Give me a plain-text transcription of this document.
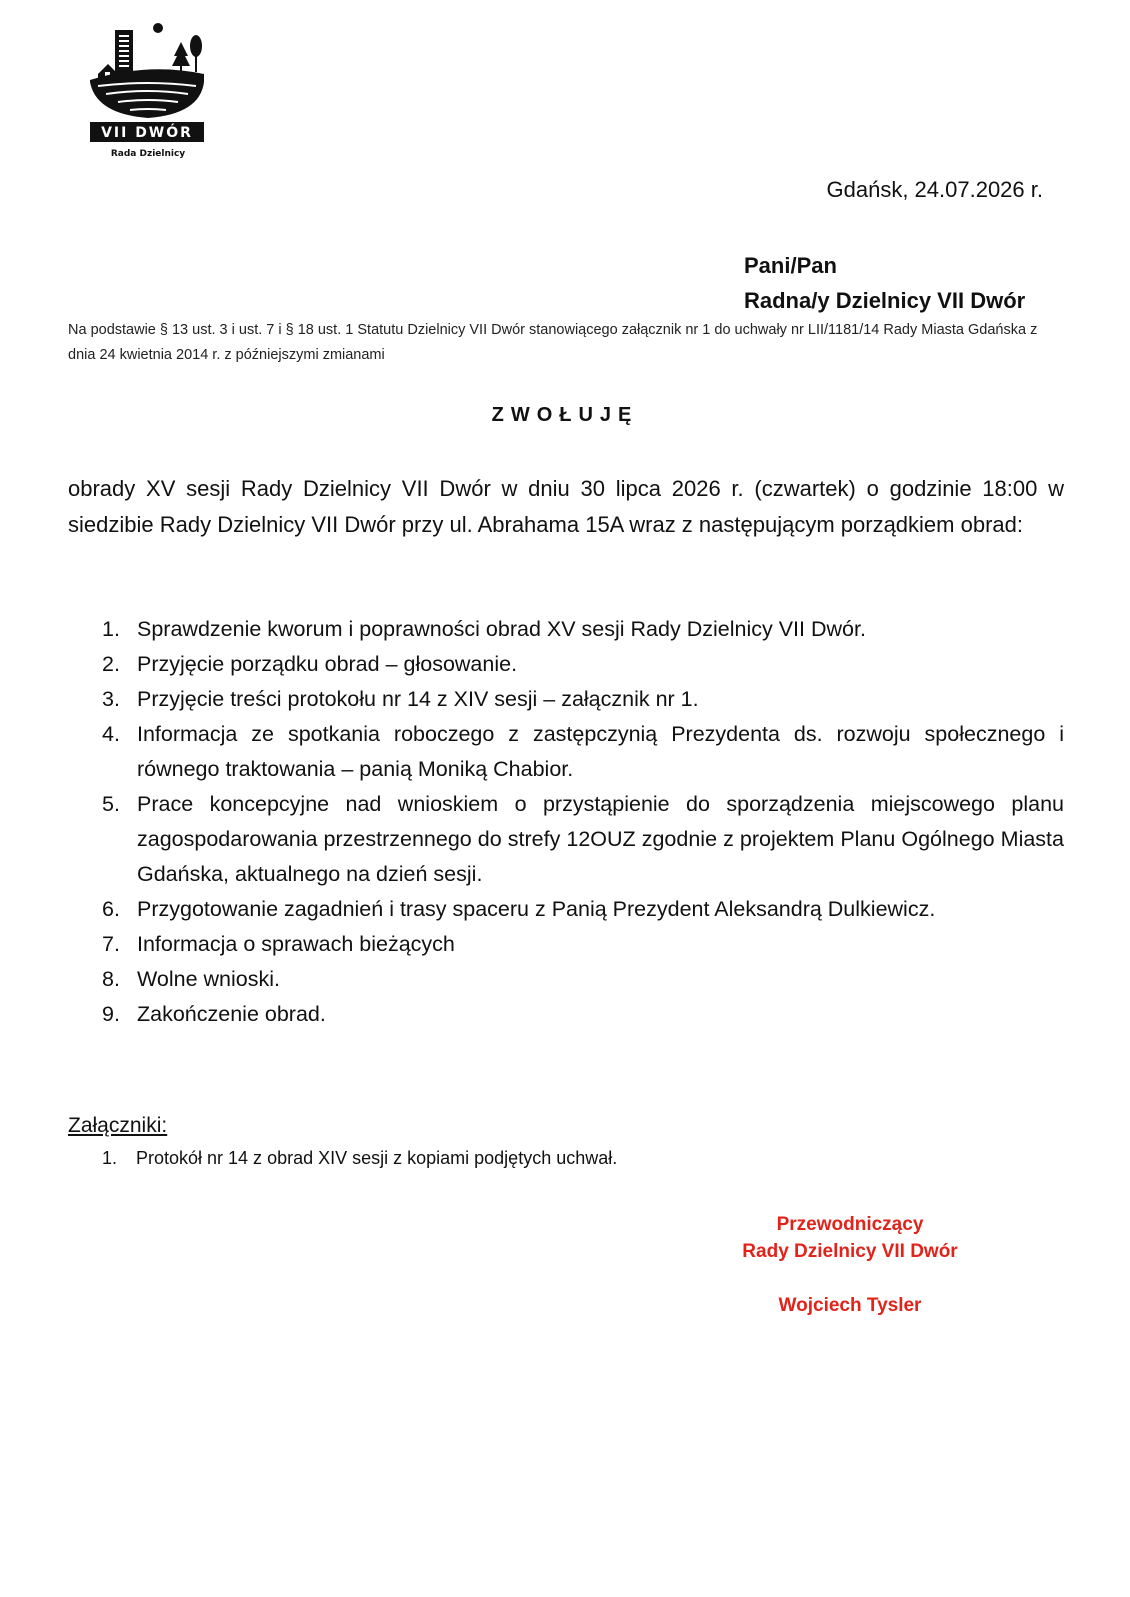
VII DWÓR
Rada Dzielnicy
Gdańsk, 24.07.2026 r.
Pani/Pan
Radna/y Dzielnicy VII Dwór
Na podstawie § 13 ust. 3 i ust. 7 i § 18 ust. 1 Statutu Dzielnicy VII Dwór stanowiącego załącznik nr 1 do uchwały nr LII/1181/14 Rady Miasta Gdańska z dnia 24 kwietnia 2014 r. z późniejszymi zmianami
ZWOŁUJĘ
obrady XV sesji Rady Dzielnicy VII Dwór w dniu 30 lipca 2026 r. (czwartek) o godzinie 18:00 w siedzibie Rady Dzielnicy VII Dwór przy ul. Abrahama 15A wraz z następującym porządkiem obrad:
1. Sprawdzenie kworum i poprawności obrad XV sesji Rady Dzielnicy VII Dwór.
2. Przyjęcie porządku obrad – głosowanie.
3. Przyjęcie treści protokołu nr 14 z XIV sesji – załącznik nr 1.
4. Informacja ze spotkania roboczego z zastępczynią Prezydenta ds. rozwoju społecznego i równego traktowania – panią Moniką Chabior.
5. Prace koncepcyjne nad wnioskiem o przystąpienie do sporządzenia miejscowego planu zagospodarowania przestrzennego do strefy 12OUZ zgodnie z projektem Planu Ogólnego Miasta Gdańska, aktualnego na dzień sesji.
6. Przygotowanie zagadnień i trasy spaceru z Panią Prezydent Aleksandrą Dulkiewicz.
7. Informacja o sprawach bieżących
8. Wolne wnioski.
9. Zakończenie obrad.
Załączniki:
1. Protokół nr 14 z obrad XIV sesji z kopiami podjętych uchwał.
Przewodniczący
Rady Dzielnicy VII Dwór
Wojciech Tysler
